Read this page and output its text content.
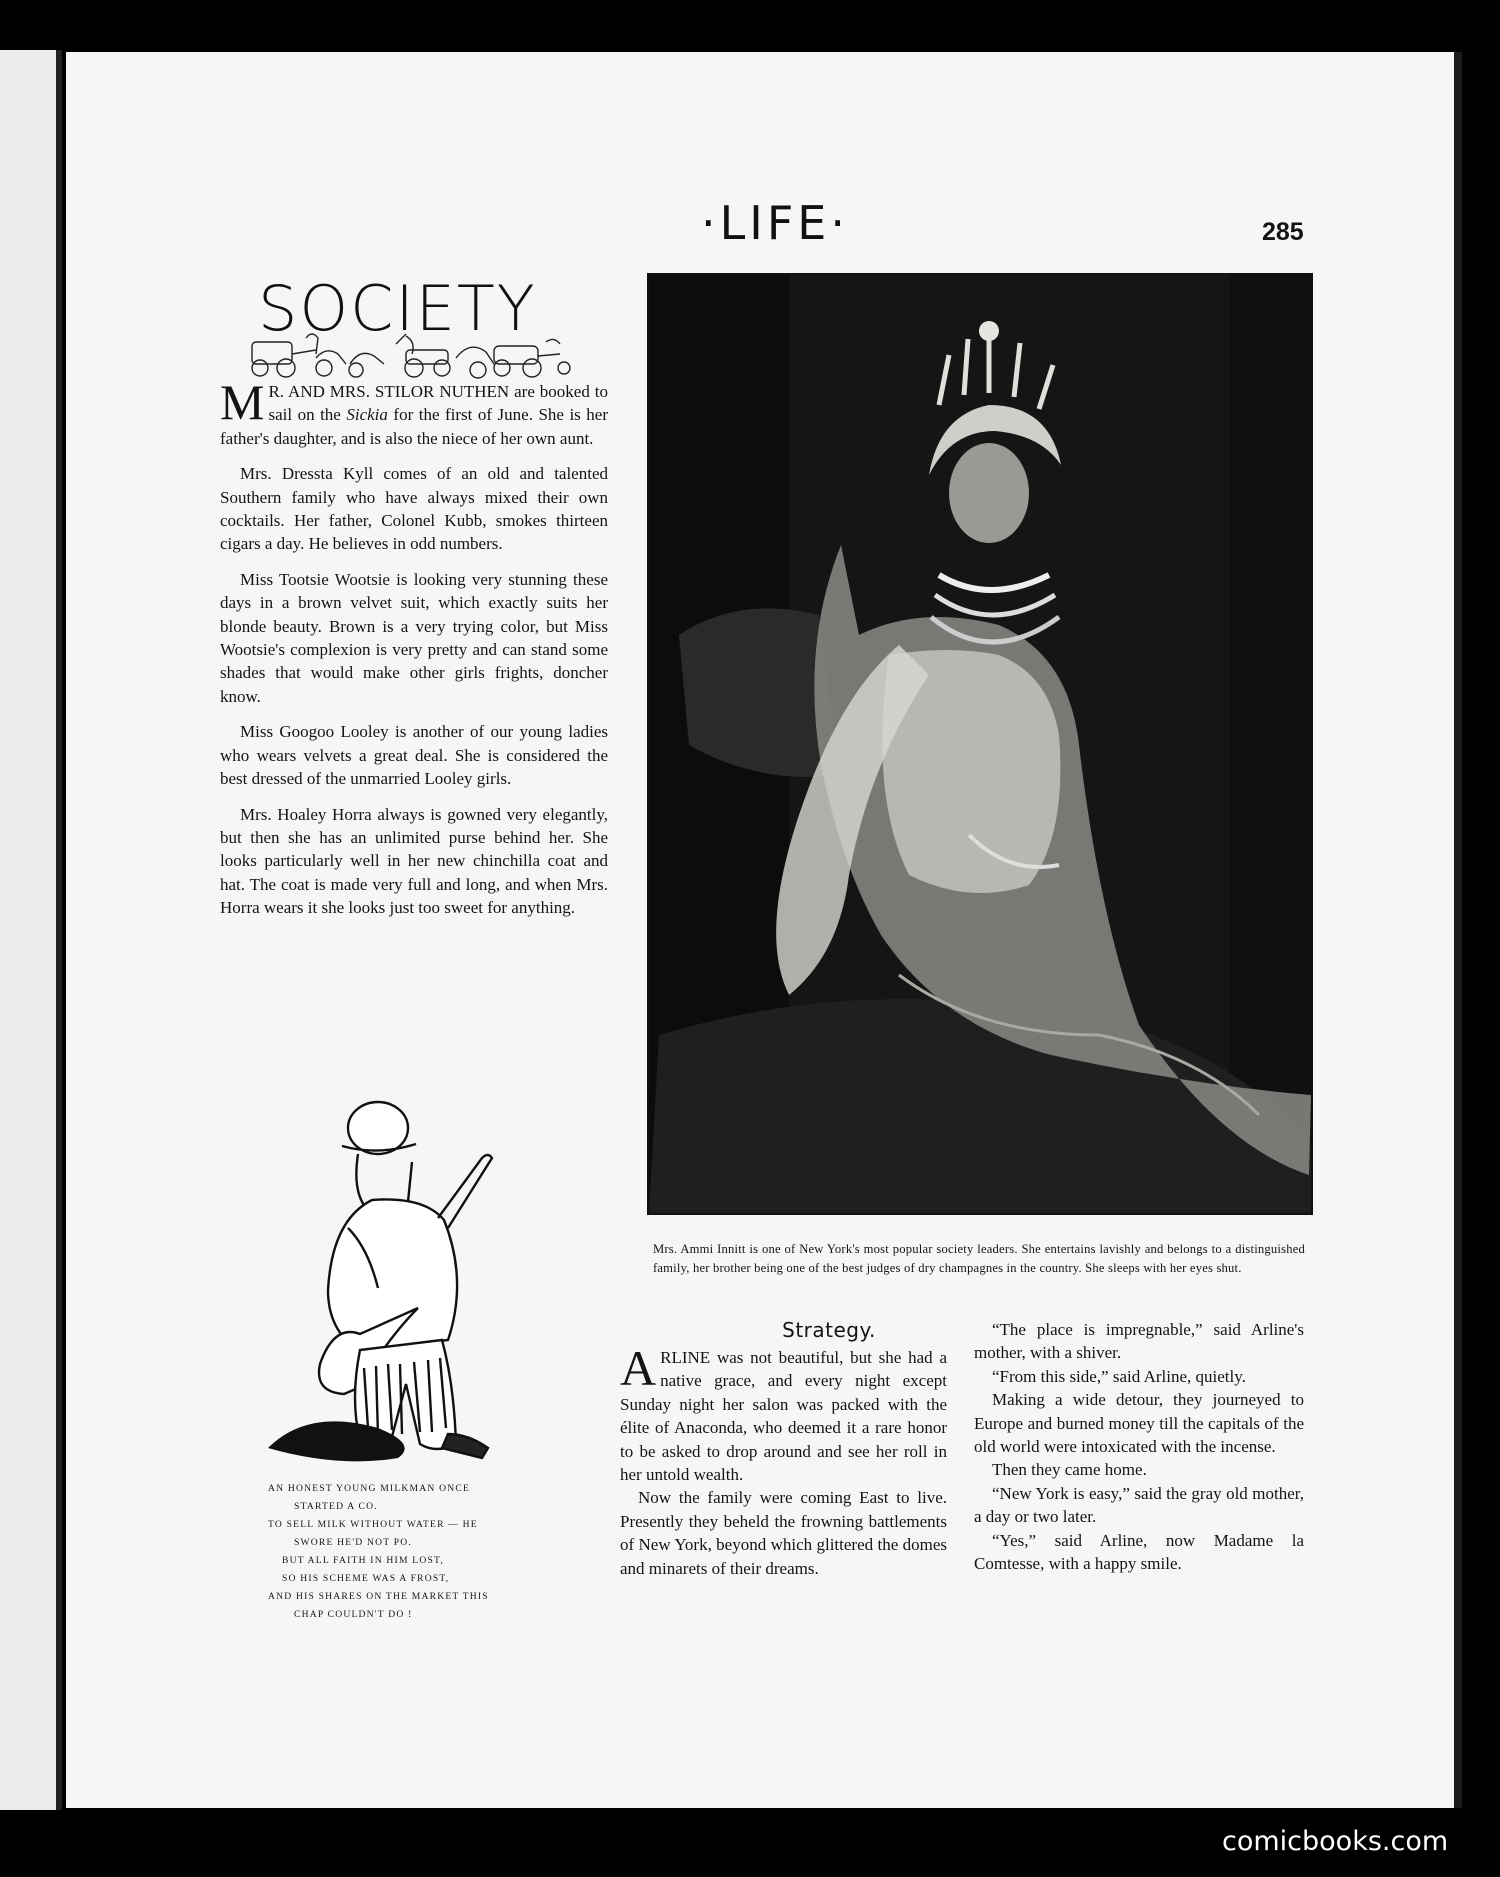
·LIFE·	285
SOCIETY

M R. AND MRS. STILOR NUTHEN are booked to sail on the Sickia for the first of June. She is her father's daughter, and is also the niece of her own aunt.

Mrs. Dressta Kyll comes of an old and talented Southern family who have always mixed their own cocktails. Her father, Colonel Kubb, smokes thirteen cigars a day. He believes in odd numbers.

Miss Tootsie Wootsie is looking very stunning these days in a brown velvet suit, which exactly suits her blonde beauty. Brown is a very trying color, but Miss Wootsie's complexion is very pretty and can stand some shades that would make other girls frights, doncher know.

Miss Googoo Looley is another of our young ladies who wears velvets a great deal. She is considered the best dressed of the unmarried Looley girls.

Mrs. Hoaley Horra always is gowned very elegantly, but then she has an unlimited purse behind her. She looks particularly well in her new chinchilla coat and hat. The coat is made very full and long, and when Mrs. Horra wears it she looks just too sweet for anything.

Mrs. Ammi Innitt is one of New York's most popular society leaders. She entertains lavishly and belongs to a distinguished family, her brother being one of the best judges of dry champagnes in the country. She sleeps with her eyes shut.
AN HONEST YOUNG MILKMAN ONCE
STARTED A CO.
TO SELL MILK WITHOUT WATER — HE
SWORE HE'D NOT PO.
BUT ALL FAITH IN HIM LOST,
SO HIS SCHEME WAS A FROST,
AND HIS SHARES ON THE MARKET THIS
CHAP COULDN'T DO !
Strategy.

ARLINE was not beautiful, but she had a native grace, and every night except Sunday night her salon was packed with the élite of Anaconda, who deemed it a rare honor to be asked to drop around and see her roll in her untold wealth.

Now the family were coming East to live. Presently they beheld the frowning battlements of New York, beyond which glittered the domes and minarets of their dreams.

“The place is impregnable,” said Arline's mother, with a shiver.

“From this side,” said Arline, quietly.

Making a wide detour, they journeyed to Europe and burned money till the capitals of the old world were intoxicated with the incense.

Then they came home.

“New York is easy,” said the gray old mother, a day or two later.

“Yes,” said Arline, now Madame la Comtesse, with a happy smile.

comicbooks.com
